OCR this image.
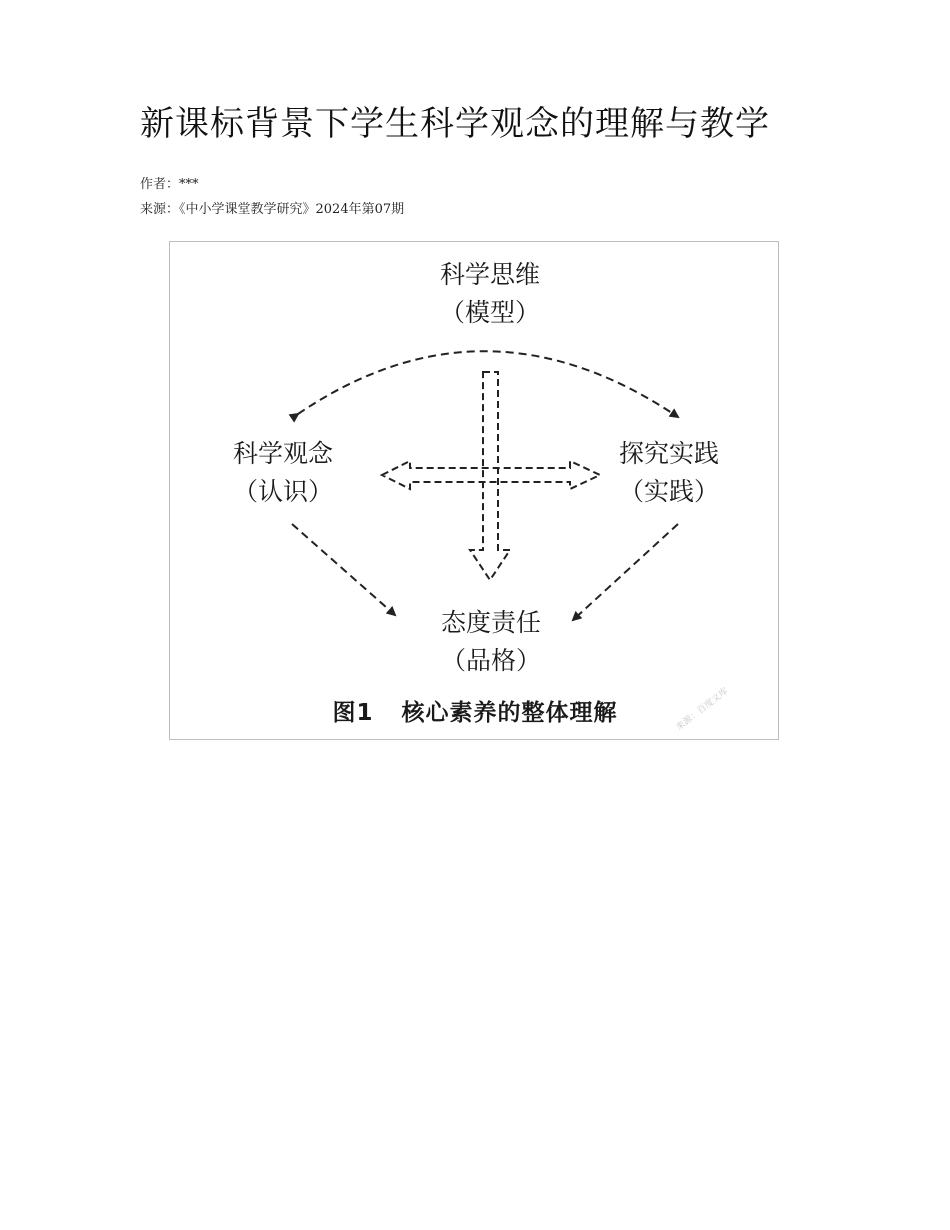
新课标背景下学生科学观念的理解与教学
作者：***
来源：《中小学课堂教学研究》2024年第07期
科学思维
（模型）
科学观念
（认识）
探究实践
（实践）
态度责任
（品格）
图1 核心素养的整体理解	来源：百度文库
